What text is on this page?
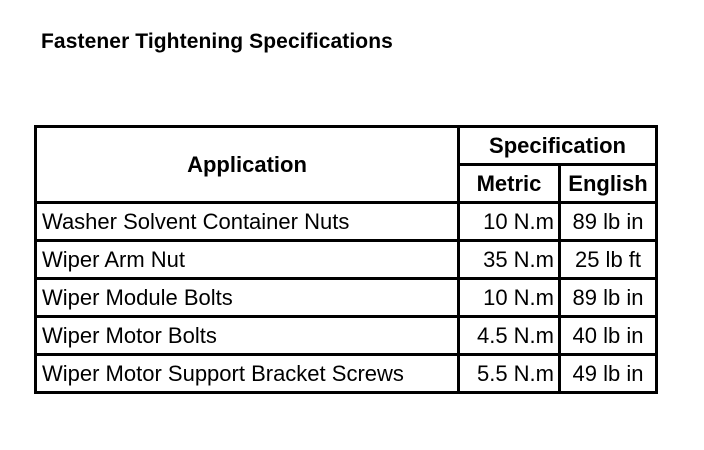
Fastener Tightening Specifications
Application	Specification	
	Metric	English
Washer Solvent Container Nuts	10 N.m	89 lb in
Wiper Arm Nut	35 N.m	25 lb ft
Wiper Module Bolts	10 N.m	89 lb in
Wiper Motor Bolts	4.5 N.m	40 lb in
Wiper Motor Support Bracket Screws	5.5 N.m	49 lb in
